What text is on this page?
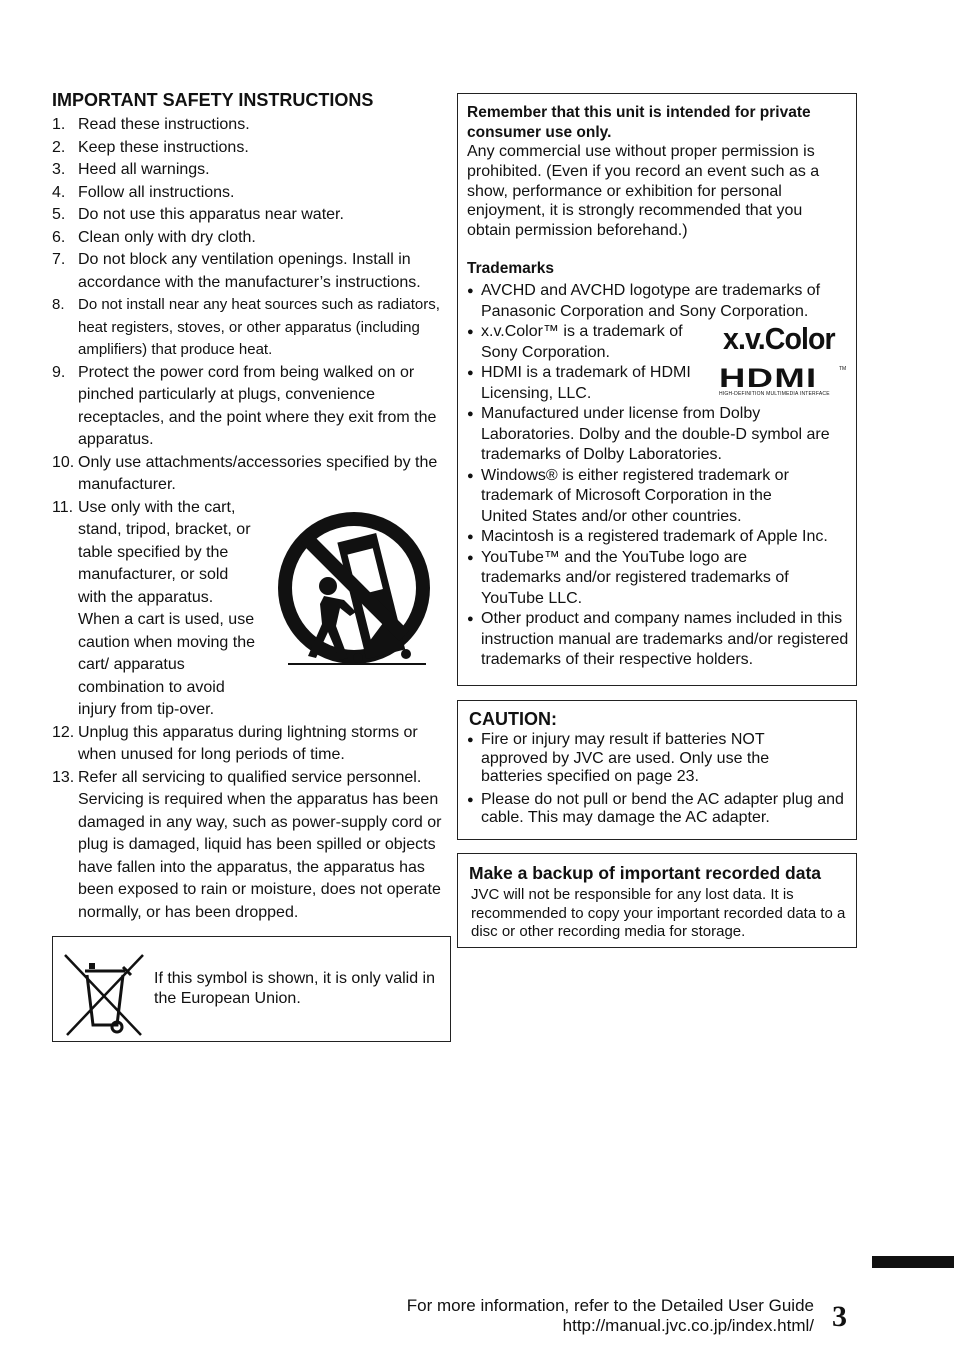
IMPORTANT SAFETY INSTRUCTIONS
1. Read these instructions.
2. Keep these instructions.
3. Heed all warnings.
4. Follow all instructions.
5. Do not use this apparatus near water.
6. Clean only with dry cloth.
7. Do not block any ventilation openings. Install in accordance with the manufacturer’s instructions.
8. Do not install near any heat sources such as radiators, heat registers, stoves, or other apparatus (including amplifiers) that produce heat.
9. Protect the power cord from being walked on or pinched particularly at plugs, convenience receptacles, and the point where they exit from the apparatus.
10. Only use attachments/accessories specified by the manufacturer.
11. Use only with the cart, stand, tripod, bracket, or table specified by the manufacturer, or sold with the apparatus. When a cart is used, use caution when moving the cart/ apparatus combination to avoid injury from tip-over.
12. Unplug this apparatus during lightning storms or when unused for long periods of time.
13. Refer all servicing to qualified service personnel. Servicing is required when the apparatus has been damaged in any way, such as power-supply cord or plug is damaged, liquid has been spilled or objects have fallen into the apparatus, the apparatus has been exposed to rain or moisture, does not operate normally, or has been dropped.
If this symbol is shown, it is only valid in the European Union.
Remember that this unit is intended for private consumer use only.
Any commercial use without proper permission is prohibited. (Even if you record an event such as a show, performance or exhibition for personal enjoyment, it is strongly recommended that you obtain permission beforehand.)
Trademarks
● AVCHD and AVCHD logotype are trademarks of Panasonic Corporation and Sony Corporation.
● x.v.Color™ is a trademark of Sony Corporation.
● HDMI is a trademark of HDMI Licensing, LLC.
● Manufactured under license from Dolby Laboratories. Dolby and the double-D symbol are trademarks of Dolby Laboratories.
● Windows® is either registered trademark or trademark of Microsoft Corporation in the United States and/or other countries.
● Macintosh is a registered trademark of Apple Inc.
● YouTube™ and the YouTube logo are trademarks and/or registered trademarks of YouTube LLC.
● Other product and company names included in this instruction manual are trademarks and/or registered trademarks of their respective holders.
x.v.Color
HDMI	TM
HIGH-DEFINITION MULTIMEDIA INTERFACE
CAUTION:
● Fire or injury may result if batteries NOT approved by JVC are used. Only use the batteries specified on page 23.
● Please do not pull or bend the AC adapter plug and cable. This may damage the AC adapter.
Make a backup of important recorded data
JVC will not be responsible for any lost data. It is recommended to copy your important recorded data to a disc or other recording media for storage.
For more information, refer to the Detailed User Guide
http://manual.jvc.co.jp/index.html/ 3
